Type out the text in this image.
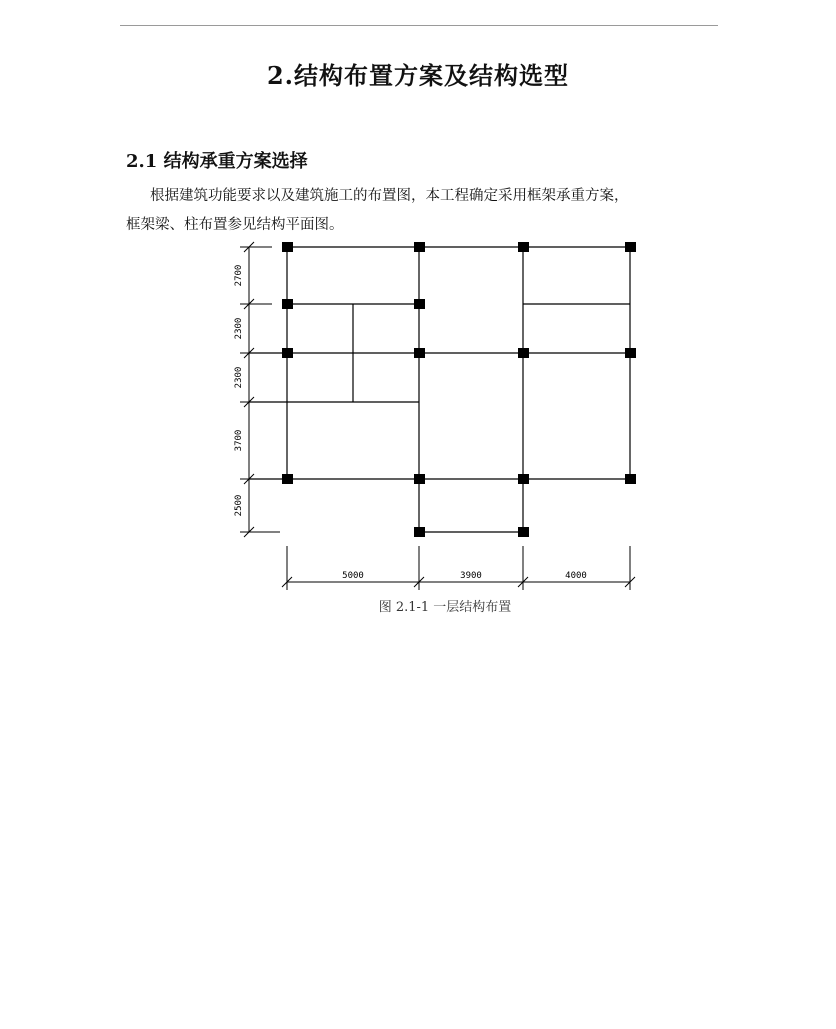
2.结构布置方案及结构选型
2.1 结构承重方案选择
根据建筑功能要求以及建筑施工的布置图，本工程确定采用框架承重方案，
框架梁、柱布置参见结构平面图。
5000	3900	4000
2700
2300
2300
3700
2500
图 2.1-1 一层结构布置
